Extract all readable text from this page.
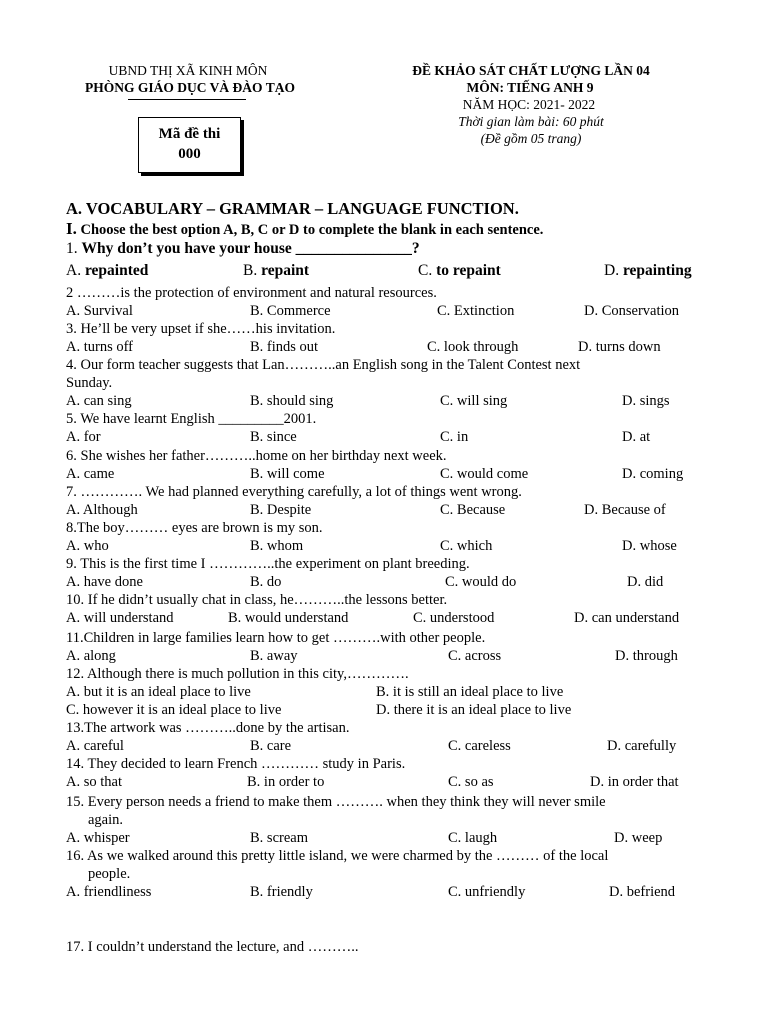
UBND THỊ XÃ KINH MÔN
PHÒNG GIÁO DỤC VÀ ĐÀO TẠO
ĐỀ KHẢO SÁT CHẤT LƯỢNG LẦN 04
MÔN: TIẾNG ANH 9
NĂM HỌC: 2021- 2022
Thời gian làm bài: 60 phút
(Đề gồm 05 trang)
Mã đề thi
000
A. VOCABULARY – GRAMMAR – LANGUAGE FUNCTION.
I. Choose the best option A, B, C or D to complete the blank in each sentence.
1. Why don’t you have your house _______________?
A. repainted	B. repaint	C. to repaint	D. repainting
2 ………is the protection of environment and natural resources.
A. Survival	B. Commerce	C. Extinction	D. Conservation
3. He’ll be very upset if she……his invitation.
A. turns off	B. finds out	C. look through	D. turns down
4. Our form teacher suggests that Lan………..an English song in the Talent Contest next
Sunday.
A. can sing	B. should sing	C. will sing	D. sings
5. We have learnt English _________2001.
A. for	B. since	C. in	D. at
6. She wishes her father………..home on her birthday next week.
A. came	B. will come	C. would come	D. coming
7. …………. We had planned everything carefully, a lot of things went wrong.
A. Although	B. Despite	C. Because	D. Because of
8.The boy……… eyes are brown is my son.
A. who	B. whom	C. which	D. whose
9. This is the first time I …………..the experiment on plant breeding.
A. have done	B. do	C. would do	D. did
10. If he didn’t usually chat in class, he………..the lessons better.
A. will understand	B. would understand	C. understood	D. can understand
11.Children in large families learn how to get ……….with other people.
A. along	B. away	C. across	D. through
12. Although there is much pollution in this city,………….
A. but it is an ideal place to live	B. it is still an ideal place to live
C. however it is an ideal place to live	D. there it is an ideal place to live
13.The artwork was ………..done by the artisan.
A. careful	B. care	C. careless	D. carefully
14. They decided to learn French ………… study in Paris.
A. so that	B. in order to	C. so as	D. in order that
15. Every person needs a friend to make them ………. when they think they will never smile
again.
A. whisper	B. scream	C. laugh	D. weep
16. As we walked around this pretty little island, we were charmed by the ……… of the local
people.
A. friendliness	B. friendly	C. unfriendly	D. befriend
17. I couldn’t understand the lecture, and ………..
